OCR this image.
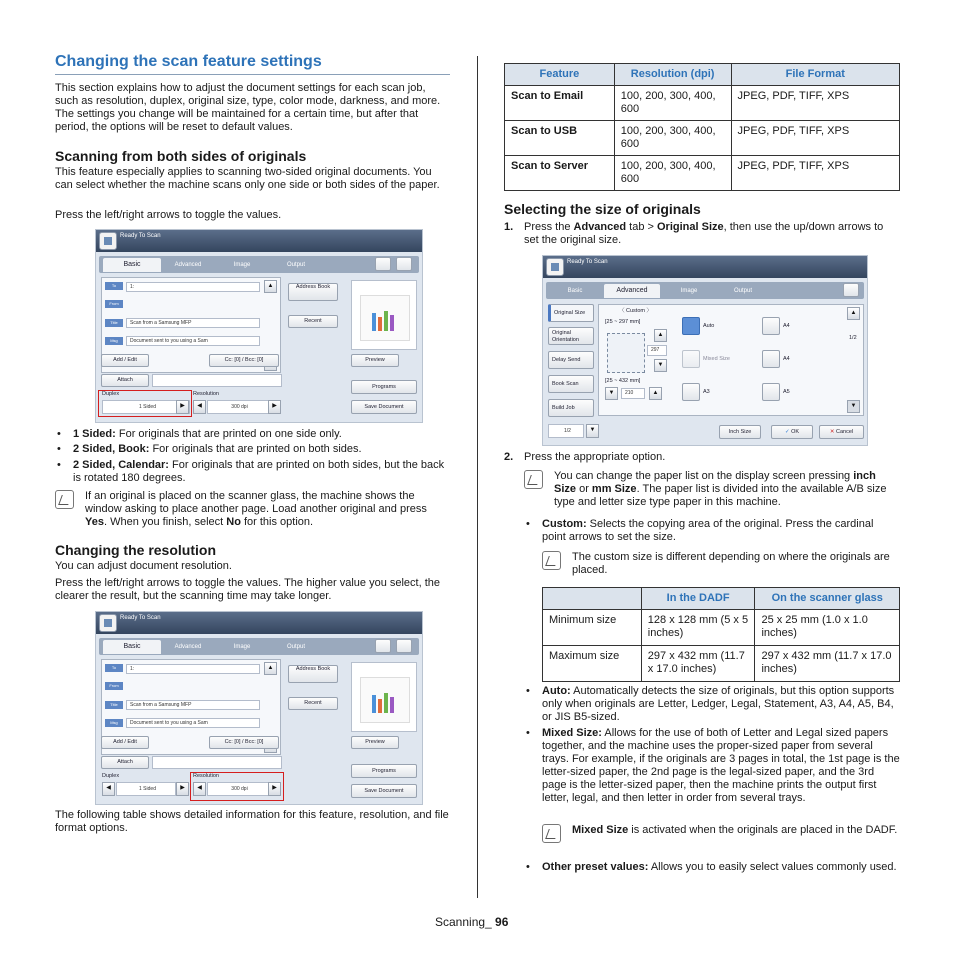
Changing the scan feature settings

This section explains how to adjust the document settings for each scan job, such as resolution, duplex, original size, type, color mode, darkness, and more. The settings you change will be maintained for a certain time, but after that period, the options will be reset to default values.

Scanning from both sides of originals

This feature especially applies to scanning two-sided original documents. You can select whether the machine scans only one side or both sides of the paper.

Press the left/right arrows to toggle the values.

Ready To Scan
Basic	Advanced	Image	Output
To	1:
From
Title	Scan from a Samsung MFP
Msg	Document sent to you using a Sam
▲	Address Book
Recent
Preview
Add / Edit	Cc: [0] / Bcc: [0]
Attach
Duplex	Resolution
1 Sided	▶	◀	300 dpi	▶
Programs
Save Document
• 1 Sided: For originals that are printed on one side only.
• 2 Sided, Book: For originals that are printed on both sides.
• 2 Sided, Calendar: For originals that are printed on both sides, but the back is rotated 180 degrees.
If an original is placed on the scanner glass, the machine shows the window asking to place another page. Load another original and press Yes. When you finish, select No for this option.
Changing the resolution

You can adjust document resolution.

Press the left/right arrows to toggle the values. The higher value you select, the clearer the result, but the scanning time may take longer.

Ready To Scan
Basic	Advanced	Image	Output
To	1:
From
Title	Scan from a Samsung MFP
Msg	Document sent to you using a Sam
▲	Address Book
Recent
Preview
Add / Edit	Cc: [0] / Bcc: [0]
Attach
Duplex	Resolution
◀	1 Sided	▶	◀	300 dpi	▶
Programs
Save Document

The following table shows detailed information for this feature, resolution, and file format options.

Feature	Resolution (dpi)	File Format
Scan to Email	100, 200, 300, 400, 600	JPEG, PDF, TIFF, XPS
Scan to USB	100, 200, 300, 400, 600	JPEG, PDF, TIFF, XPS
Scan to Server	100, 200, 300, 400, 600	JPEG, PDF, TIFF, XPS
Selecting the size of originals
1. Press the Advanced tab > Original Size, then use the up/down arrows to set the original size.
Ready To Scan
Basic	Advanced	Image	Output
Original Size
Original Orientation
Delay Send
Book Scan
Build Job
〈 Custom 〉
[25 ~ 297 mm]
▲
297
▼
[25 ~ 432 mm]
▼	210	▲
Auto
Mixed Size
A3
A4
A4
A5
▲
1/2
▼
1/2	▼	Inch Size	✓ OK	✕ Cancel
2. Press the appropriate option.
You can change the paper list on the display screen pressing inch Size or mm Size. The paper list is divided into the available A/B size type and letter size type paper in this machine.
• Custom: Selects the copying area of the original. Press the cardinal point arrows to set the size.
The custom size is different depending on where the originals are placed.
	In the DADF	On the scanner glass
Minimum size	128 x 128 mm (5 x 5 inches)	25 x 25 mm (1.0 x 1.0 inches)
Maximum size	297 x 432 mm (11.7 x 17.0 inches)	297 x 432 mm (11.7 x 17.0 inches)
• Auto: Automatically detects the size of originals, but this option supports only when originals are Letter, Ledger, Legal, Statement, A3, A4, A5, B4, or JIS B5-sized.
• Mixed Size: Allows for the use of both of Letter and Legal sized papers together, and the machine uses the proper-sized paper from several trays. For example, if the originals are 3 pages in total, the 1st page is the letter-sized paper, the 2nd page is the legal-sized paper, and the 3rd page is the letter-sized paper, then the machine prints the output first letter, legal, and then letter in order from several trays.
Mixed Size is activated when the originals are placed in the DADF.
• Other preset values: Allows you to easily select values commonly used.
Scanning_ 96
